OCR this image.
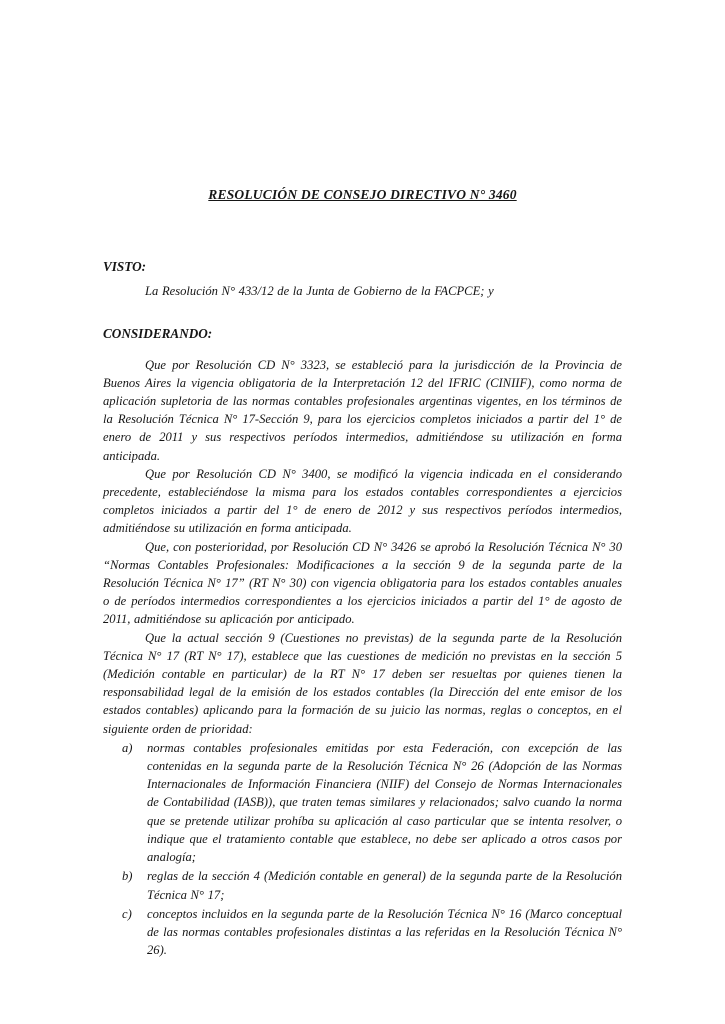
RESOLUCIÓN DE CONSEJO DIRECTIVO N° 3460

VISTO:

La Resolución N° 433/12 de la Junta de Gobierno de la FACPCE; y

CONSIDERANDO:

Que por Resolución CD N° 3323, se estableció para la jurisdicción de la Provincia de Buenos Aires la vigencia obligatoria de la Interpretación 12 del IFRIC (CINIIF), como norma de aplicación supletoria de las normas contables profesionales argentinas vigentes, en los términos de la Resolución Técnica N° 17-Sección 9, para los ejercicios completos iniciados a partir del 1° de enero de 2011 y sus respectivos períodos intermedios, admitiéndose su utilización en forma anticipada.

Que por Resolución CD N° 3400, se modificó la vigencia indicada en el considerando precedente, estableciéndose la misma para los estados contables correspondientes a ejercicios completos iniciados a partir del 1° de enero de 2012 y sus respectivos períodos intermedios, admitiéndose su utilización en forma anticipada.

Que, con posterioridad, por Resolución CD N° 3426 se aprobó la Resolución Técnica N° 30 “Normas Contables Profesionales: Modificaciones a la sección 9 de la segunda parte de la Resolución Técnica N° 17” (RT N° 30) con vigencia obligatoria para los estados contables anuales o de períodos intermedios correspondientes a los ejercicios iniciados a partir del 1° de agosto de 2011, admitiéndose su aplicación por anticipado.

Que la actual sección 9 (Cuestiones no previstas) de la segunda parte de la Resolución Técnica N° 17 (RT N° 17), establece que las cuestiones de medición no previstas en la sección 5 (Medición contable en particular) de la RT N° 17 deben ser resueltas por quienes tienen la responsabilidad legal de la emisión de los estados contables (la Dirección del ente emisor de los estados contables) aplicando para la formación de su juicio las normas, reglas o conceptos, en el siguiente orden de prioridad:

a) normas contables profesionales emitidas por esta Federación, con excepción de las contenidas en la segunda parte de la Resolución Técnica N° 26 (Adopción de las Normas Internacionales de Información Financiera (NIIF) del Consejo de Normas Internacionales de Contabilidad (IASB)), que traten temas similares y relacionados; salvo cuando la norma que se pretende utilizar prohíba su aplicación al caso particular que se intenta resolver, o indique que el tratamiento contable que establece, no debe ser aplicado a otros casos por analogía;
b) reglas de la sección 4 (Medición contable en general) de la segunda parte de la Resolución Técnica N° 17;
c) conceptos incluidos en la segunda parte de la Resolución Técnica N° 16 (Marco conceptual de las normas contables profesionales distintas a las referidas en la Resolución Técnica N° 26).
